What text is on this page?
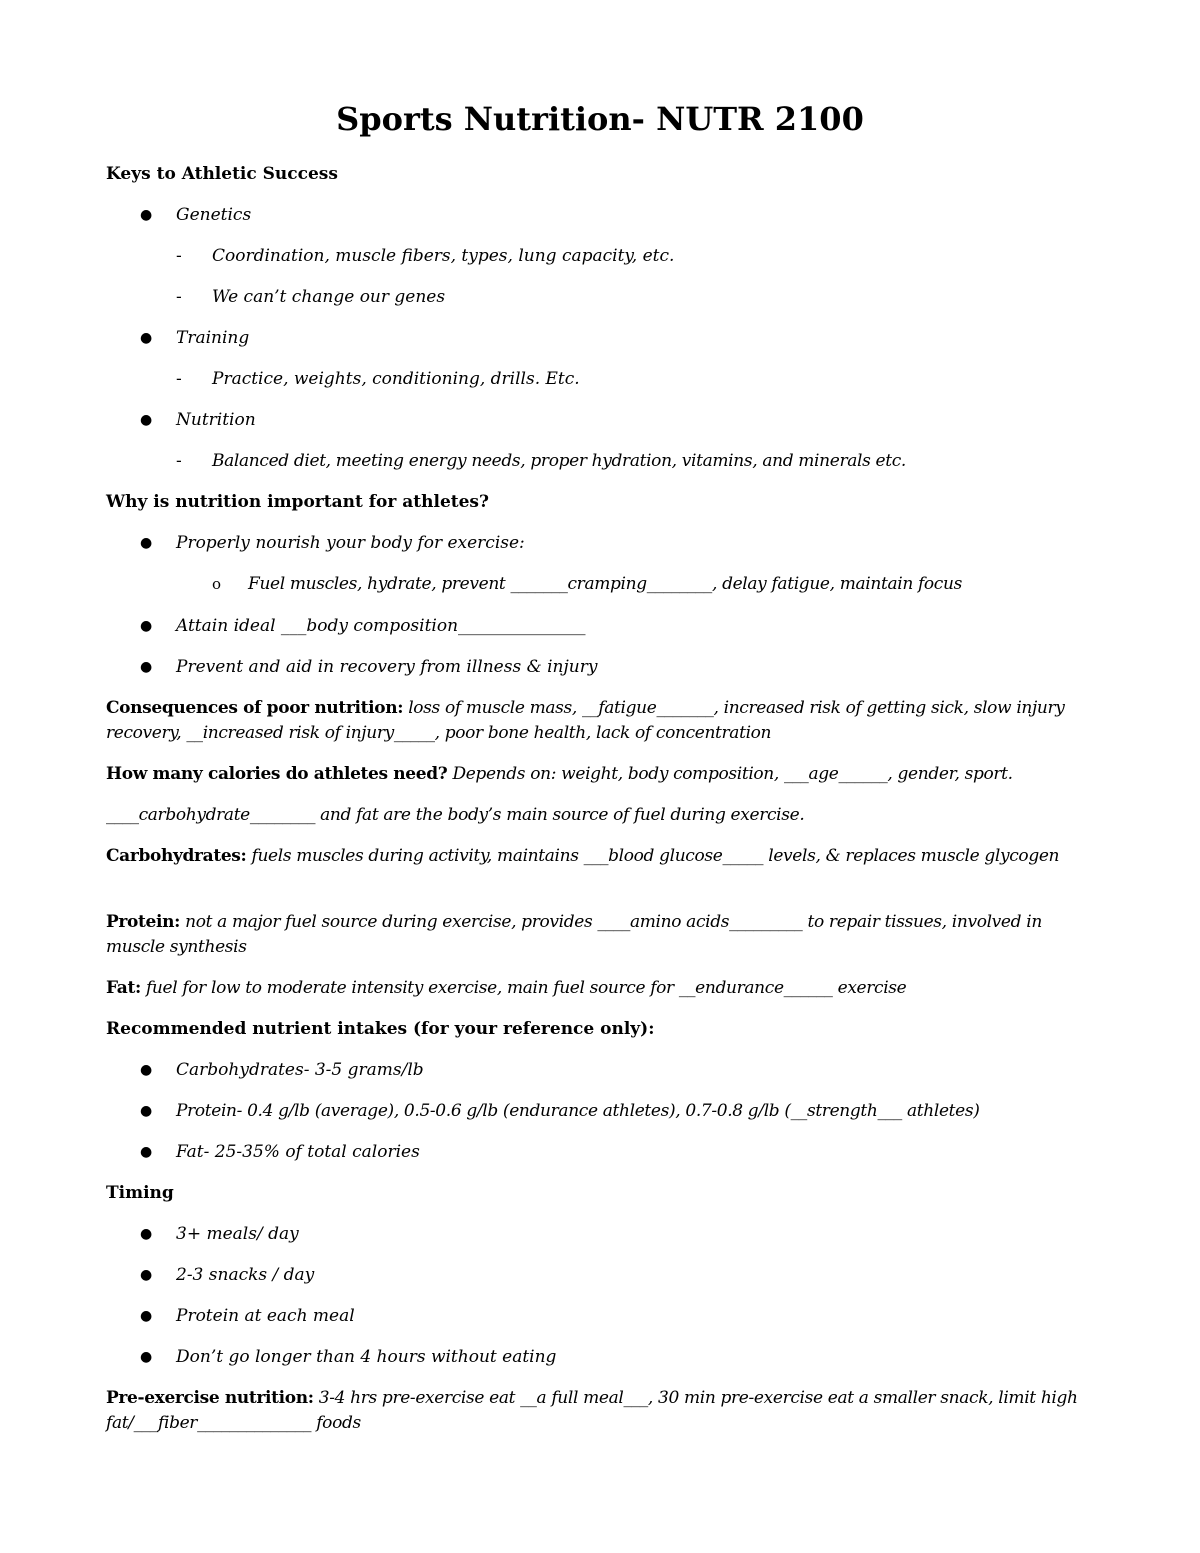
Sports Nutrition- NUTR 2100
Keys to Athletic Success
● Genetics
- Coordination, muscle fibers, types, lung capacity, etc.
- We can’t change our genes
● Training
- Practice, weights, conditioning, drills. Etc.
● Nutrition
- Balanced diet, meeting energy needs, proper hydration, vitamins, and minerals etc.
Why is nutrition important for athletes?
● Properly nourish your body for exercise:
o Fuel muscles, hydrate, prevent _______cramping________, delay fatigue, maintain focus
● Attain ideal ___body composition_______________
● Prevent and aid in recovery from illness & injury
Consequences of poor nutrition: loss of muscle mass, __fatigue_______, increased risk of getting sick, slow injury recovery, __increased risk of injury_____, poor bone health, lack of concentration
How many calories do athletes need? Depends on: weight, body composition, ___age______, gender, sport.
____carbohydrate________ and fat are the body’s main source of fuel during exercise.
Carbohydrates: fuels muscles during activity, maintains ___blood glucose_____ levels, & replaces muscle glycogen
Protein: not a major fuel source during exercise, provides ____amino acids_________ to repair tissues, involved in muscle synthesis
Fat: fuel for low to moderate intensity exercise, main fuel source for __endurance______ exercise
Recommended nutrient intakes (for your reference only):
● Carbohydrates- 3-5 grams/lb
● Protein- 0.4 g/lb (average), 0.5-0.6 g/lb (endurance athletes), 0.7-0.8 g/lb (__strength___ athletes)
● Fat- 25-35% of total calories
Timing
● 3+ meals/ day
● 2-3 snacks / day
● Protein at each meal
● Don’t go longer than 4 hours without eating
Pre-exercise nutrition: 3-4 hrs pre-exercise eat __a full meal___, 30 min pre-exercise eat a smaller snack, limit high fat/___fiber______________ foods
